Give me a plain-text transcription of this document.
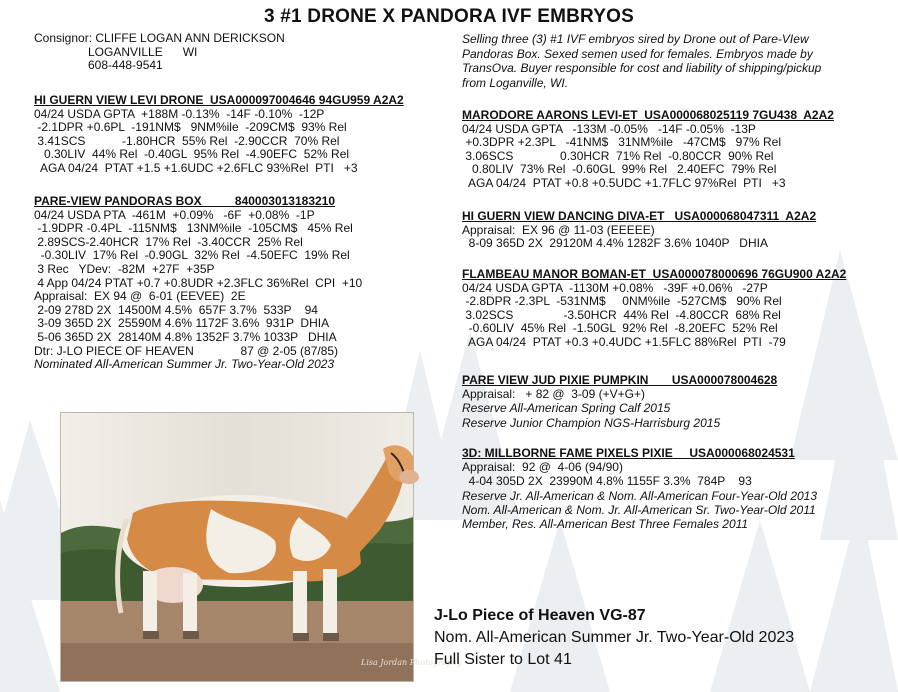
3 #1 DRONE X PANDORA IVF EMBRYOS
Consignor: CLIFFE LOGAN ANN DERICKSON
LOGANVILLE      WI
608-448-9541
Selling three (3) #1 IVF embryos sired by Drone out of Pare-VIew
Pandoras Box. Sexed semen used for females. Embryos made by
TransOva. Buyer responsible for cost and liability of shipping/pickup
from Loganville, WI.
HI GUERN VIEW LEVI DRONE  USA000097004646 94GU959 A2A2
04/24 USDA GPTA  +188M -0.13%  -14F -0.10%  -12P
-2.1DPR +0.6PL  -191NM$   9NM%ile  -209CM$  93% Rel
3.41SCS           -1.80HCR  55% Rel  -2.90CCR  70% Rel
0.30LIV  44% Rel  -0.40GL  95% Rel  -4.90EFC  52% Rel
AGA 04/24  PTAT +1.5 +1.6UDC +2.6FLC 93%Rel  PTI   +3
PARE-VIEW PANDORAS BOX          840003013183210
04/24 USDA PTA  -461M  +0.09%   -6F  +0.08%  -1P
-1.9DPR -0.4PL  -115NM$   13NM%ile  -105CM$   45% Rel
2.89SCS-2.40HCR  17% Rel  -3.40CCR  25% Rel
-0.30LIV  17% Rel  -0.90GL  32% Rel  -4.50EFC  19% Rel
3 Rec   YDev:  -82M  +27F  +35P
4 App 04/24 PTAT +0.7 +0.8UDR +2.3FLC 36%Rel  CPI  +10
Appraisal:  EX 94 @  6-01 (EEVEE)  2E
2-09 278D 2X  14500M 4.5%  657F 3.7%  533P    94
3-09 365D 2X  25590M 4.6% 1172F 3.6%  931P  DHIA
5-06 365D 2X  28140M 4.8% 1352F 3.7% 1033P   DHIA
Dtr: J-LO PIECE OF HEAVEN              87 @ 2-05 (87/85)
Nominated All-American Summer Jr. Two-Year-Old 2023
MARODORE AARONS LEVI-ET  USA000068025119 7GU438  A2A2
04/24 USDA GPTA   -133M -0.05%   -14F -0.05%  -13P
+0.3DPR +2.3PL   -41NM$   31NM%ile   -47CM$   97% Rel
3.06SCS              0.30HCR  71% Rel  -0.80CCR  90% Rel
0.80LIV  73% Rel  -0.60GL  99% Rel   2.40EFC  79% Rel
AGA 04/24  PTAT +0.8 +0.5UDC +1.7FLC 97%Rel  PTI   +3
HI GUERN VIEW DANCING DIVA-ET   USA000068047311  A2A2
Appraisal:  EX 96 @ 11-03 (EEEEE)
8-09 365D 2X  29120M 4.4% 1282F 3.6% 1040P   DHIA
FLAMBEAU MANOR BOMAN-ET  USA000078000696 76GU900 A2A2
04/24 USDA GPTA  -1130M +0.08%   -39F +0.06%   -27P
-2.8DPR -2.3PL  -531NM$     0NM%ile  -527CM$   90% Rel
3.02SCS               -3.50HCR  44% Rel  -4.80CCR  68% Rel
-0.60LIV  45% Rel  -1.50GL  92% Rel  -8.20EFC  52% Rel
AGA 04/24  PTAT +0.3 +0.4UDC +1.5FLC 88%Rel  PTI  -79
PARE VIEW JUD PIXIE PUMPKIN       USA000078004628
Appraisal:   + 82 @  3-09 (+V+G+)
Reserve All-American Spring Calf 2015
Reserve Junior Champion NGS-Harrisburg 2015
3D: MILLBORNE FAME PIXELS PIXIE     USA000068024531
Appraisal:  92 @  4-06 (94/90)
4-04 305D 2X  23990M 4.8% 1155F 3.3%  784P    93
Reserve Jr. All-American & Nom. All-American Four-Year-Old 2013
Nom. All-American & Nom. Jr. All-American Sr. Two-Year-Old 2011
Member, Res. All-American Best Three Females 2011
Lisa Jordan Photography
J-Lo Piece of Heaven VG-87
Nom. All-American Summer Jr. Two-Year-Old 2023
Full Sister to Lot 41
